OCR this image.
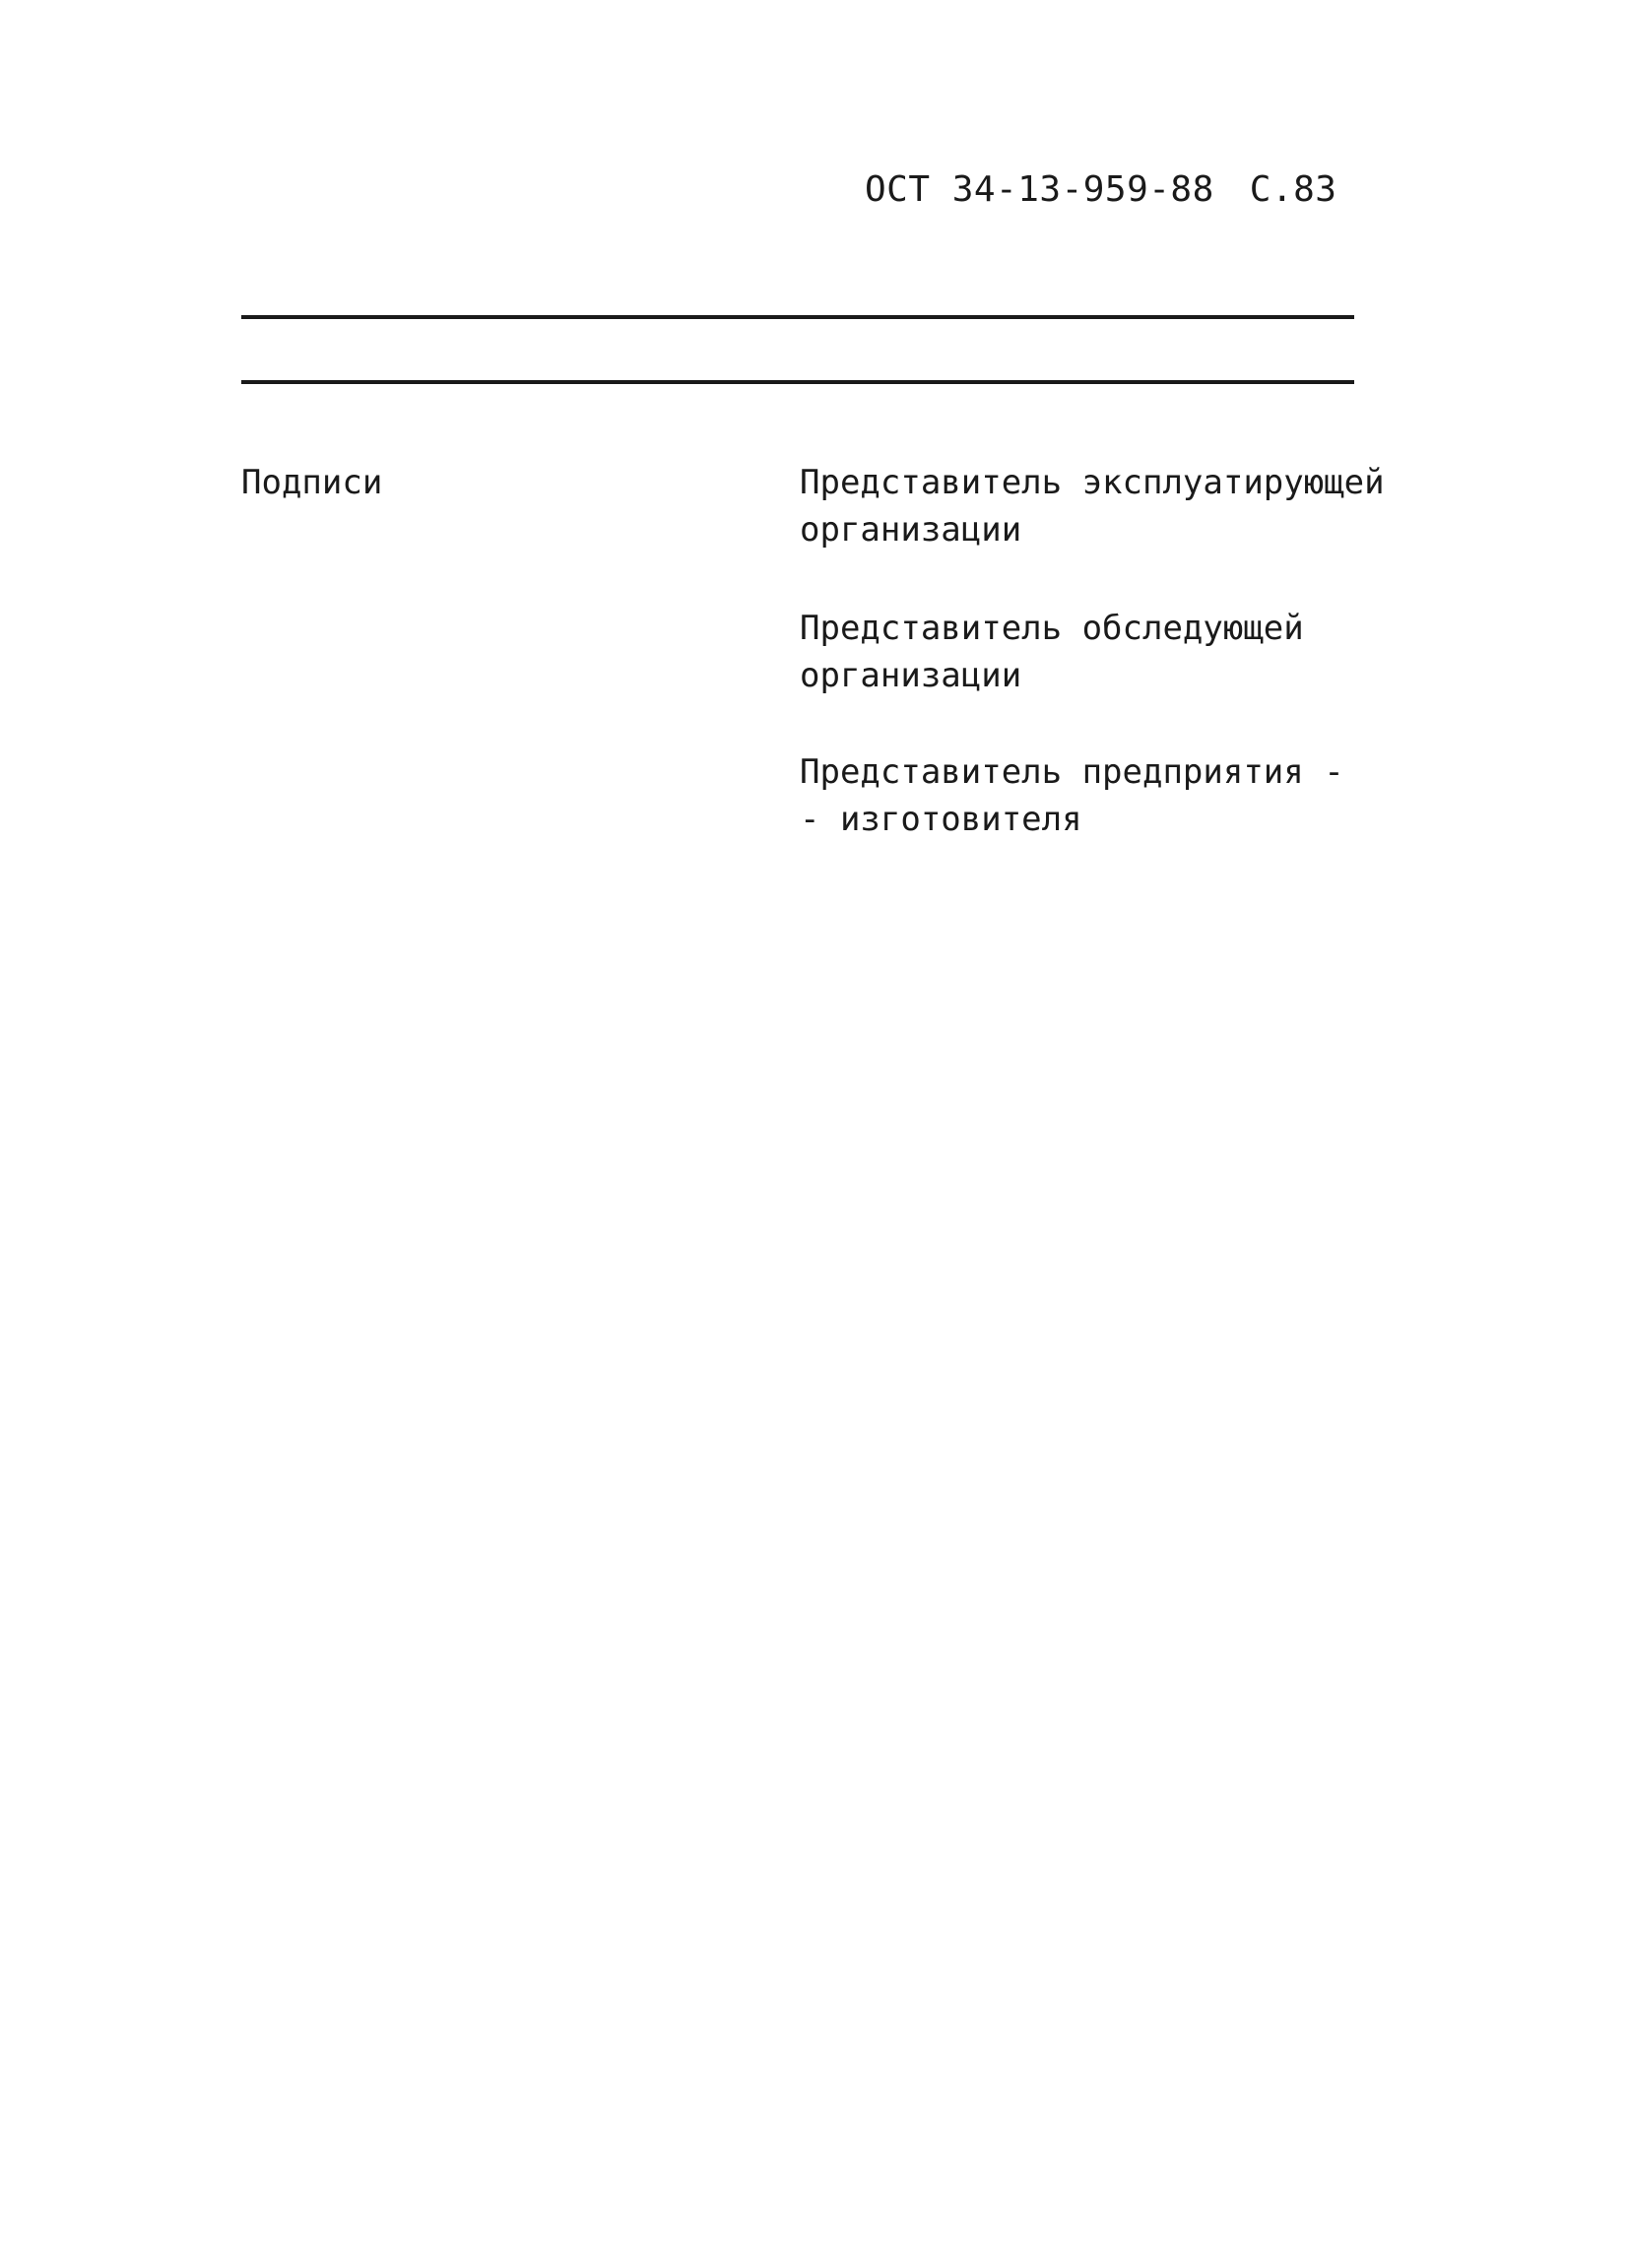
ОСТ 34-13-959-88 С.83
Подписи	Представитель эксплуатирующей
организации
Представитель обследующей
организации
Представитель предприятия -
- изготовителя
